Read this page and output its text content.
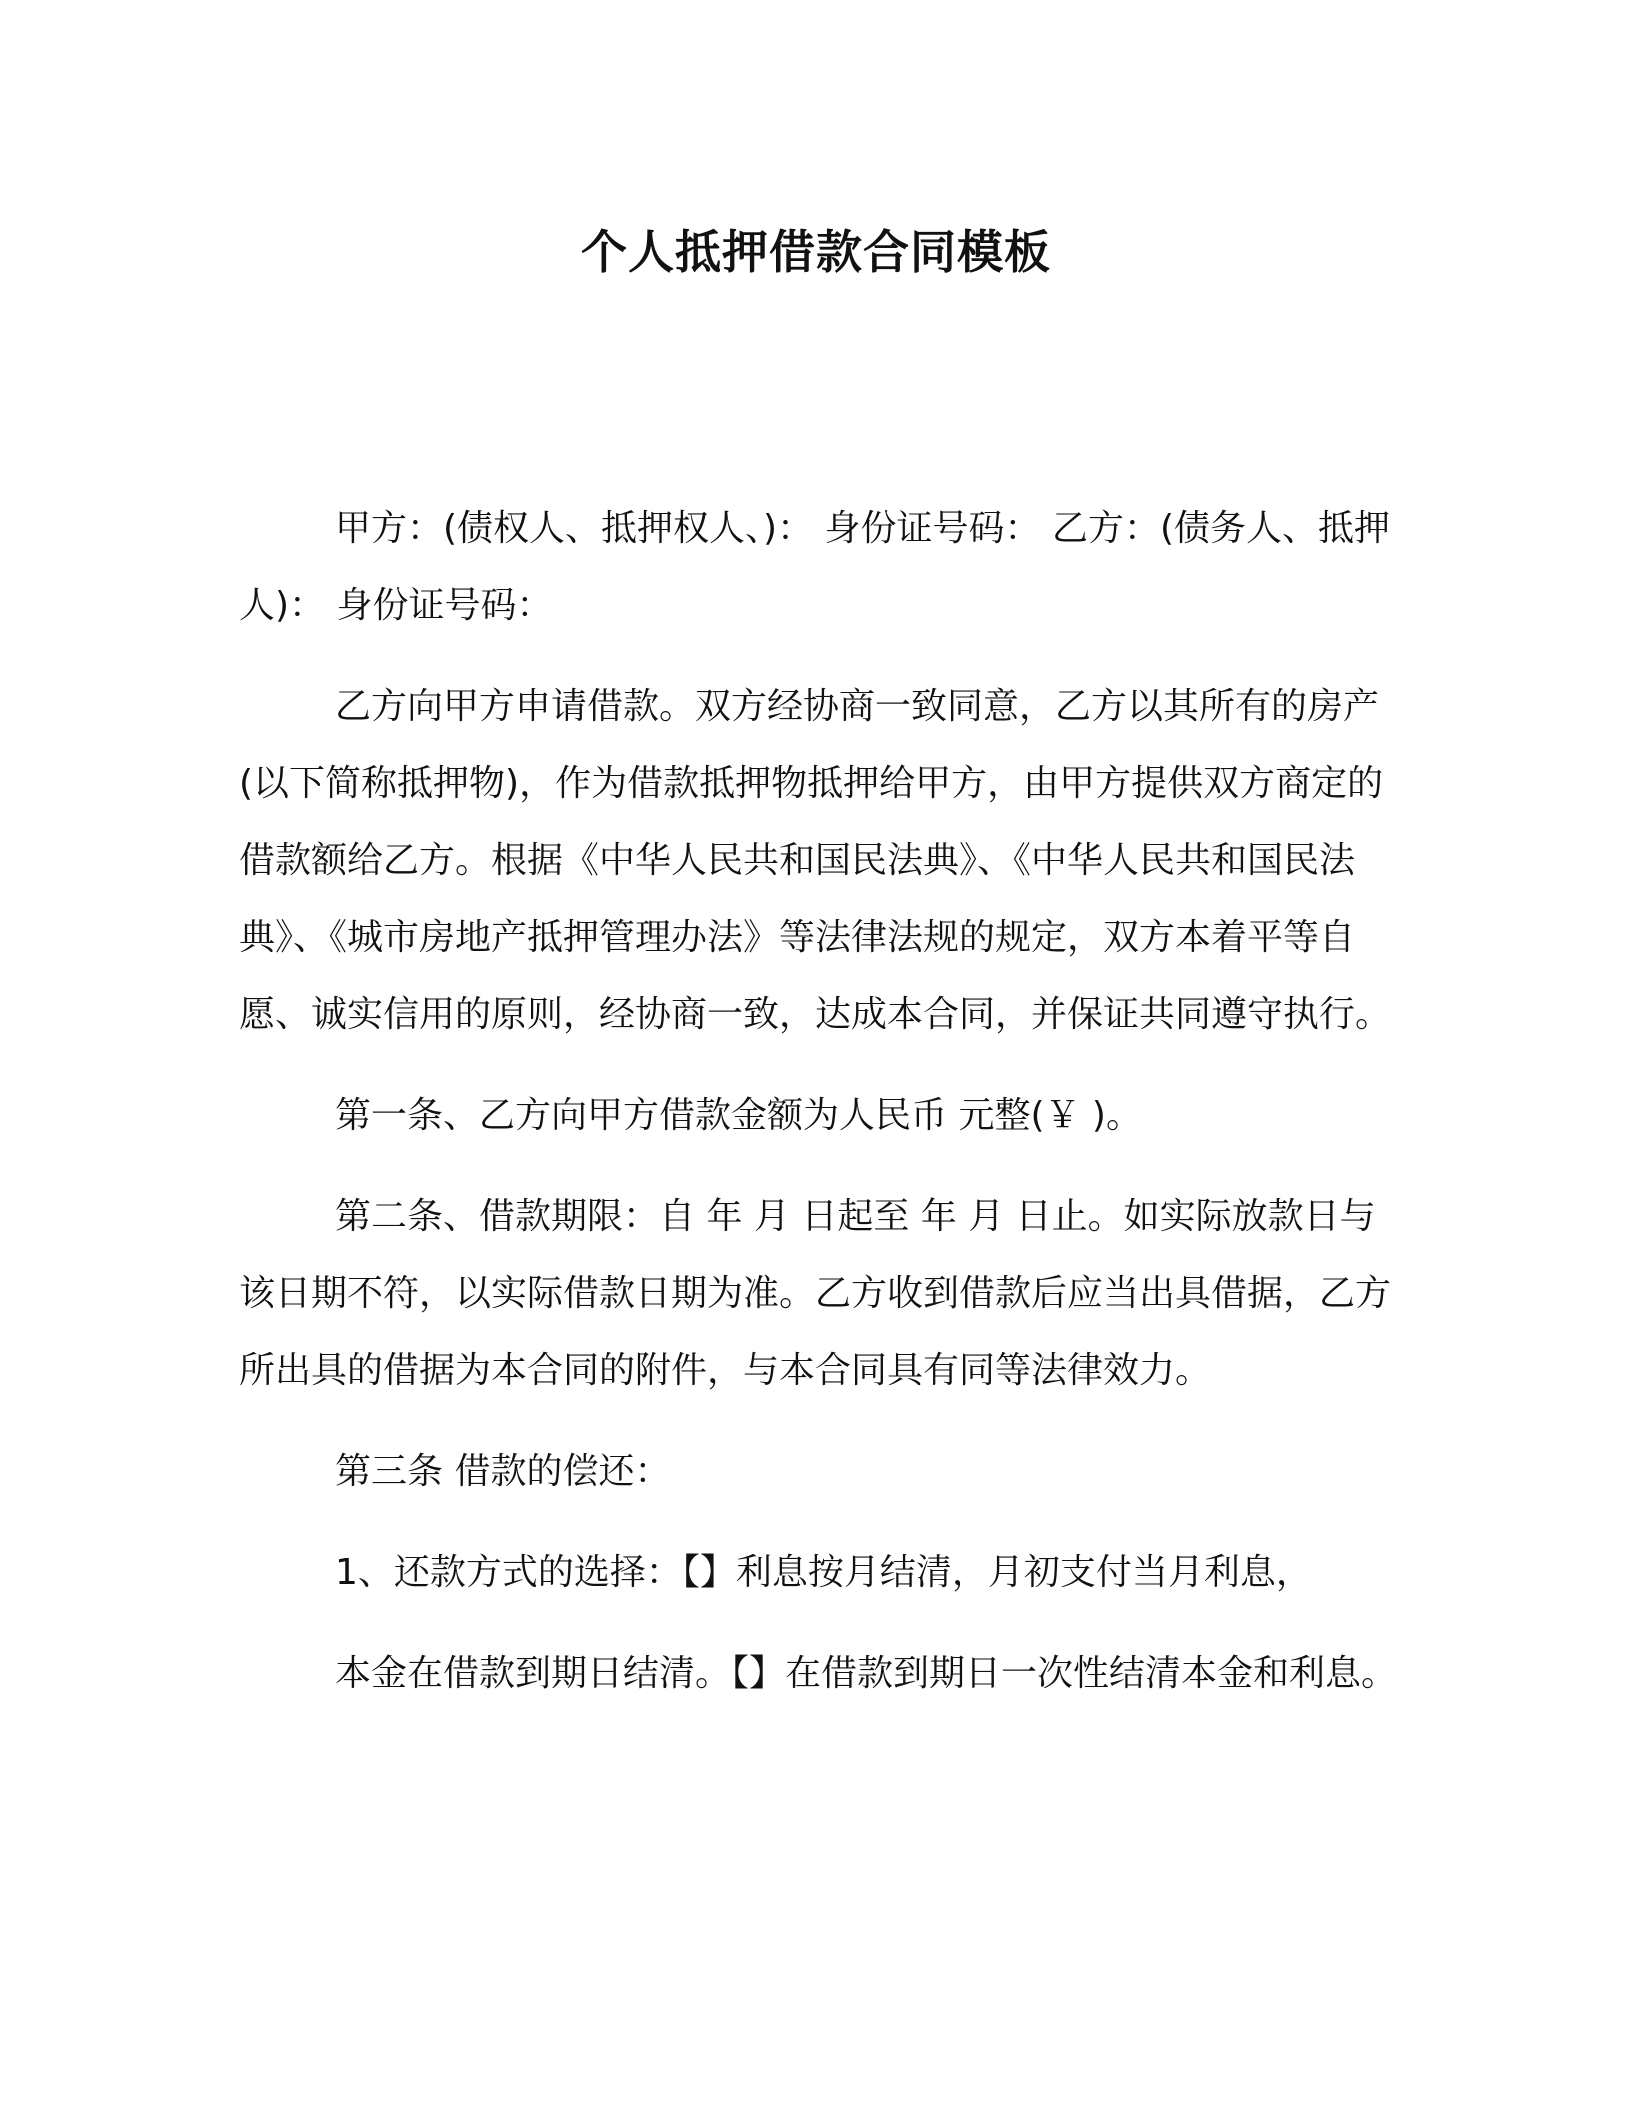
个人抵押借款合同模板

甲方：(债权人、抵押权人、)： 身份证号码： 乙方：(债务人、抵押人)： 身份证号码：

乙方向甲方申请借款。双方经协商一致同意，乙方以其所有的房产 (以下简称抵押物)，作为借款抵押物抵押给甲方，由甲方提供双方商定的借款额给乙方。根据《中华人民共和国民法典》、《中华人民共和国民法典》、《城市房地产抵押管理办法》等法律法规的规定，双方本着平等自愿、诚实信用的原则，经协商一致，达成本合同，并保证共同遵守执行。

第一条、乙方向甲方借款金额为人民币 元整(￥ )。

第二条、借款期限：自 年 月 日起至 年 月 日止。如实际放款日与该日期不符，以实际借款日期为准。乙方收到借款后应当出具借据，乙方所出具的借据为本合同的附件，与本合同具有同等法律效力。

第三条 借款的偿还：

1、还款方式的选择：【】利息按月结清，月初支付当月利息，

本金在借款到期日结清。【】在借款到期日一次性结清本金和利息。
